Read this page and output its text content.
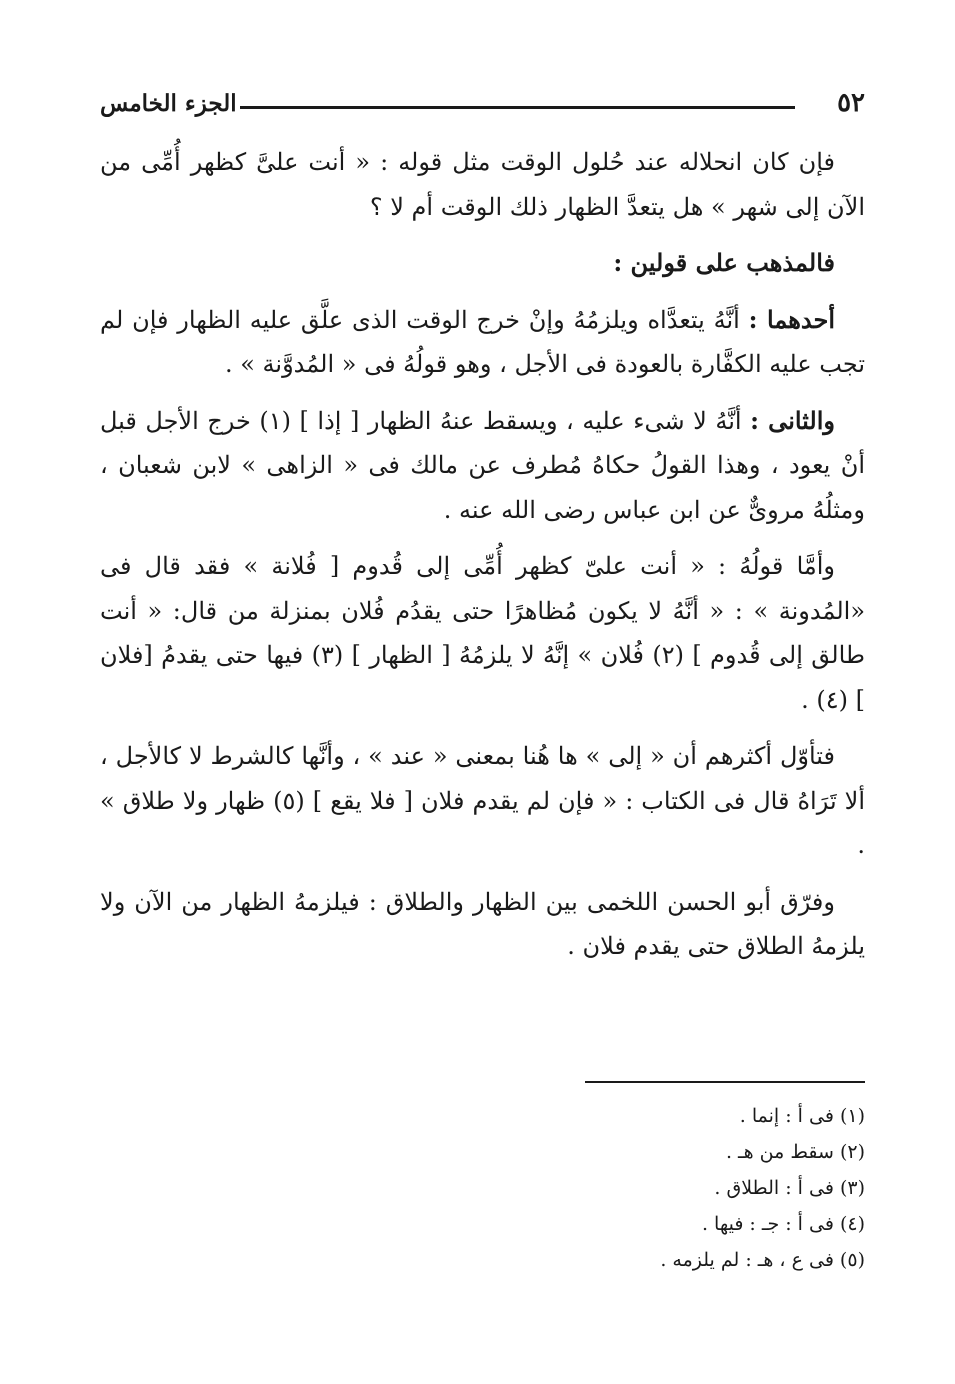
٥٢
الجزء الخامس

فإن كان انحلاله عند حُلول الوقت مثل قوله : « أنت علىَّ كظهر أُمِّى من الآن إلى شهر » هل يتعدَّ الظهار ذلك الوقت أم لا ؟

فالمذهب على قولين :

أحدهما : أنَّهُ يتعدَّاه ويلزمُهُ وإنْ خرج الوقت الذى علَّق عليه الظهار فإن لم تجب عليه الكفَّارة بالعودة فى الأجل ، وهو قولُهُ فى « المُدوَّنة » .

والثانى : أنَّهُ لا شىء عليه ، ويسقط عنهُ الظهار [ إذا ] (١) خرج الأجل قبل أنْ يعود ، وهذا القولُ حكاهُ مُطرف عن مالك فى « الزاهى » لابن شعبان ، ومثلُهُ مروىٌّ عن ابن عباس رضى الله عنه .

وأمَّا قولُهُ : « أنت علىّ كظهر أُمِّى إلى قُدوم [ فُلانة » فقد قال فى «المُدونة » : « أنَّهُ لا يكون مُظاهرًا حتى يقدُم فُلان بمنزلة من قال: « أنت طالق إلى قُدوم ] (٢) فُلان » إنَّهُ لا يلزمُهُ [ الظهار ] (٣) فيها حتى يقدمُ [فلان ] (٤) .

فتأوّل أكثرهم أن « إلى » ها هُنا بمعنى « عند » ، وأنَّها كالشرط لا كالأجل ، ألا تَرَاهُ قال فى الكتاب : « فإن لم يقدم فلان [ فلا يقع ] (٥) ظهار ولا طلاق » .

وفرّق أبو الحسن اللخمى بين الظهار والطلاق : فيلزمهُ الظهار من الآن ولا يلزمهُ الطلاق حتى يقدم فلان .

(١) فى أ : إنما .
(٢) سقط من هـ .
(٣) فى أ : الطلاق .
(٤) فى أ : جـ : فيها .
(٥) فى ع ، هـ : لم يلزمه .
